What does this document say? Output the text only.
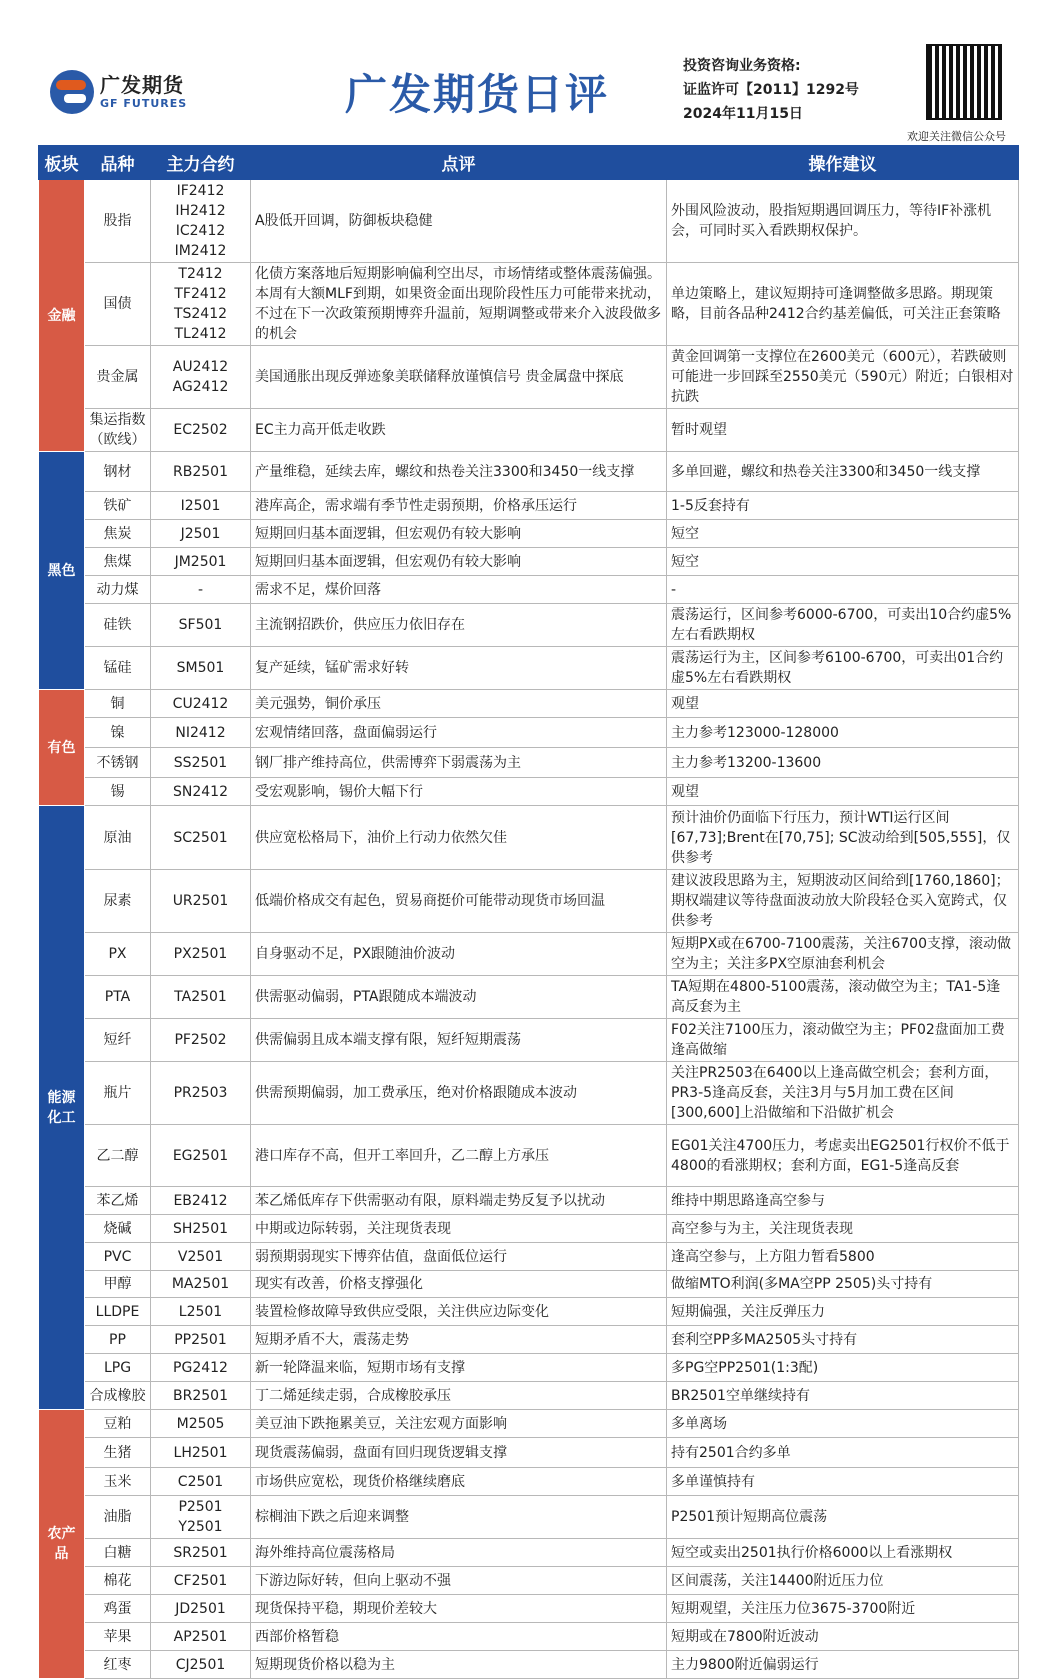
广发期货
GF FUTURES	广发期货日评
投资咨询业务资格:
证监许可【2011】1292号
2024年11月15日
欢迎关注微信公众号
板块	品种	主力合约	点评	操作建议
金融	股指	IF2412
IH2412
IC2412
IM2412	A股低开回调，防御板块稳健	外围风险波动，股指短期遇回调压力，等待IF补涨机会，可同时买入看跌期权保护。
	国债	T2412
TF2412
TS2412
TL2412	化债方案落地后短期影响偏利空出尽，市场情绪或整体震荡偏强。本周有大额MLF到期，如果资金面出现阶段性压力可能带来扰动，不过在下一次政策预期博弈升温前，短期调整或带来介入波段做多的机会	单边策略上，建议短期持可逢调整做多思路。期现策略，目前各品种2412合约基差偏低，可关注正套策略
	贵金属	AU2412
AG2412	美国通胀出现反弹迹象美联储释放谨慎信号 贵金属盘中探底	黄金回调第一支撑位在2600美元（600元），若跌破则可能进一步回踩至2550美元（590元）附近；白银相对抗跌
	集运指数
（欧线）	EC2502	EC主力高开低走收跌	暂时观望
黑色	钢材	RB2501	产量维稳，延续去库，螺纹和热卷关注3300和3450一线支撑	多单回避，螺纹和热卷关注3300和3450一线支撑
	铁矿	I2501	港库高企，需求端有季节性走弱预期，价格承压运行	1-5反套持有
	焦炭	J2501	短期回归基本面逻辑，但宏观仍有较大影响	短空
	焦煤	JM2501	短期回归基本面逻辑，但宏观仍有较大影响	短空
	动力煤	-	需求不足，煤价回落	-
	硅铁	SF501	主流钢招跌价，供应压力依旧存在	震荡运行，区间参考6000-6700，可卖出10合约虚5%左右看跌期权
	锰硅	SM501	复产延续，锰矿需求好转	震荡运行为主，区间参考6100-6700，可卖出01合约虚5%左右看跌期权
有色	铜	CU2412	美元强势，铜价承压	观望
	镍	NI2412	宏观情绪回落，盘面偏弱运行	主力参考123000-128000
	不锈钢	SS2501	钢厂排产维持高位，供需博弈下弱震荡为主	主力参考13200-13600
	锡	SN2412	受宏观影响，锡价大幅下行	观望
能源
化工	原油	SC2501	供应宽松格局下，油价上行动力依然欠佳	预计油价仍面临下行压力，预计WTI运行区间[67,73];Brent在[70,75]; SC波动给到[505,555]，仅供参考
	尿素	UR2501	低端价格成交有起色，贸易商挺价可能带动现货市场回温	建议波段思路为主，短期波动区间给到[1760,1860]；期权端建议等待盘面波动放大阶段轻仓买入宽跨式，仅供参考
	PX	PX2501	自身驱动不足，PX跟随油价波动	短期PX或在6700-7100震荡，关注6700支撑，滚动做空为主；关注多PX空原油套利机会
	PTA	TA2501	供需驱动偏弱，PTA跟随成本端波动	TA短期在4800-5100震荡，滚动做空为主；TA1-5逢高反套为主
	短纤	PF2502	供需偏弱且成本端支撑有限，短纤短期震荡	F02关注7100压力，滚动做空为主；PF02盘面加工费逢高做缩
	瓶片	PR2503	供需预期偏弱，加工费承压，绝对价格跟随成本波动	关注PR2503在6400以上逢高做空机会；套利方面，PR3-5逢高反套，关注3月与5月加工费在区间[300,600]上沿做缩和下沿做扩机会
	乙二醇	EG2501	港口库存不高，但开工率回升，乙二醇上方承压	EG01关注4700压力，考虑卖出EG2501行权价不低于4800的看涨期权；套利方面，EG1-5逢高反套
	苯乙烯	EB2412	苯乙烯低库存下供需驱动有限，原料端走势反复予以扰动	维持中期思路逢高空参与
	烧碱	SH2501	中期或边际转弱，关注现货表现	高空参与为主，关注现货表现
	PVC	V2501	弱预期弱现实下博弈估值，盘面低位运行	逢高空参与，上方阻力暂看5800
	甲醇	MA2501	现实有改善，价格支撑强化	做缩MTO利润(多MA空PP 2505)头寸持有
	LLDPE	L2501	装置检修故障导致供应受限，关注供应边际变化	短期偏强，关注反弹压力
	PP	PP2501	短期矛盾不大，震荡走势	套利空PP多MA2505头寸持有
	LPG	PG2412	新一轮降温来临，短期市场有支撑	多PG空PP2501(1:3配)
	合成橡胶	BR2501	丁二烯延续走弱，合成橡胶承压	BR2501空单继续持有
农产品	豆粕	M2505	美豆油下跌拖累美豆，关注宏观方面影响	多单离场
	生猪	LH2501	现货震荡偏弱，盘面有回归现货逻辑支撑	持有2501合约多单
	玉米	C2501	市场供应宽松，现货价格继续磨底	多单谨慎持有
	油脂	P2501
Y2501	棕榈油下跌之后迎来调整	P2501预计短期高位震荡
	白糖	SR2501	海外维持高位震荡格局	短空或卖出2501执行价格6000以上看涨期权
	棉花	CF2501	下游边际好转，但向上驱动不强	区间震荡，关注14400附近压力位
	鸡蛋	JD2501	现货保持平稳，期现价差较大	短期观望，关注压力位3675-3700附近
	苹果	AP2501	西部价格暂稳	短期或在7800附近波动
	红枣	CJ2501	短期现货价格以稳为主	主力9800附近偏弱运行
